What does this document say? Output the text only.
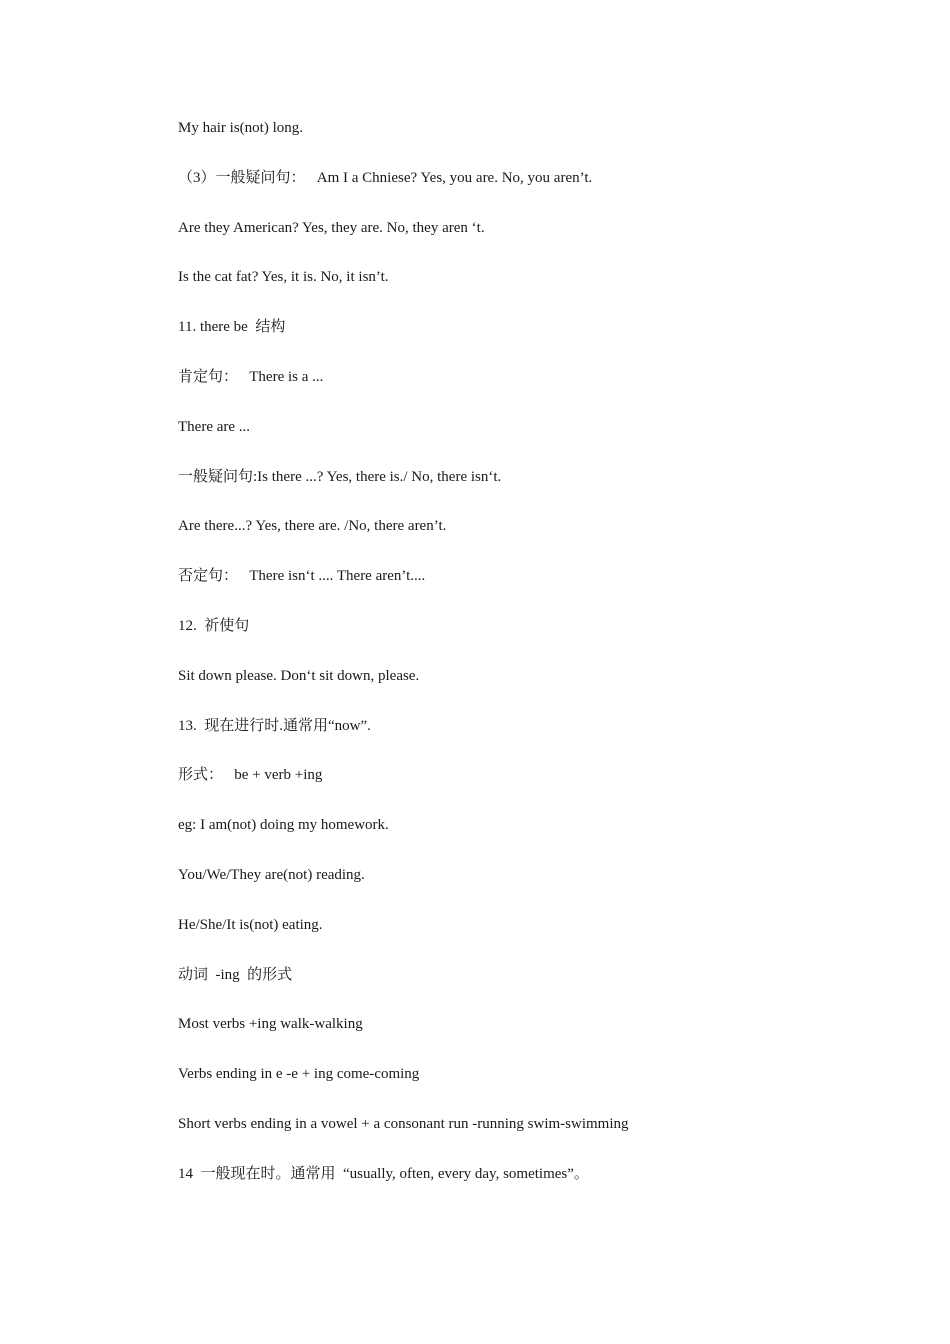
My hair is(not) long.

（3）一般疑问句：   Am I a Chniese? Yes, you are. No, you aren’t.

Are they American? Yes, they are. No, they aren ‘t.

Is the cat fat? Yes, it is. No, it isn’t.

11. there be  结构

肯定句：   There is a ...

There are ...

一般疑问句:Is there ...? Yes, there is./ No, there isn‘t.

Are there...? Yes, there are. /No, there aren’t.

否定句：   There isn‘t .... There aren’t....

12.  祈使句

Sit down please. Don‘t sit down, please.

13.  现在进行时.通常用“now”.

形式：   be + verb +ing

eg: I am(not) doing my homework.

You/We/They are(not) reading.

He/She/It is(not) eating.

动词  -ing  的形式

Most verbs +ing walk-walking

Verbs ending in e -e + ing come-coming

Short verbs ending in a vowel + a consonant run -running swim-swimming

14  一般现在时。通常用  “usually, often, every day, sometimes”。
